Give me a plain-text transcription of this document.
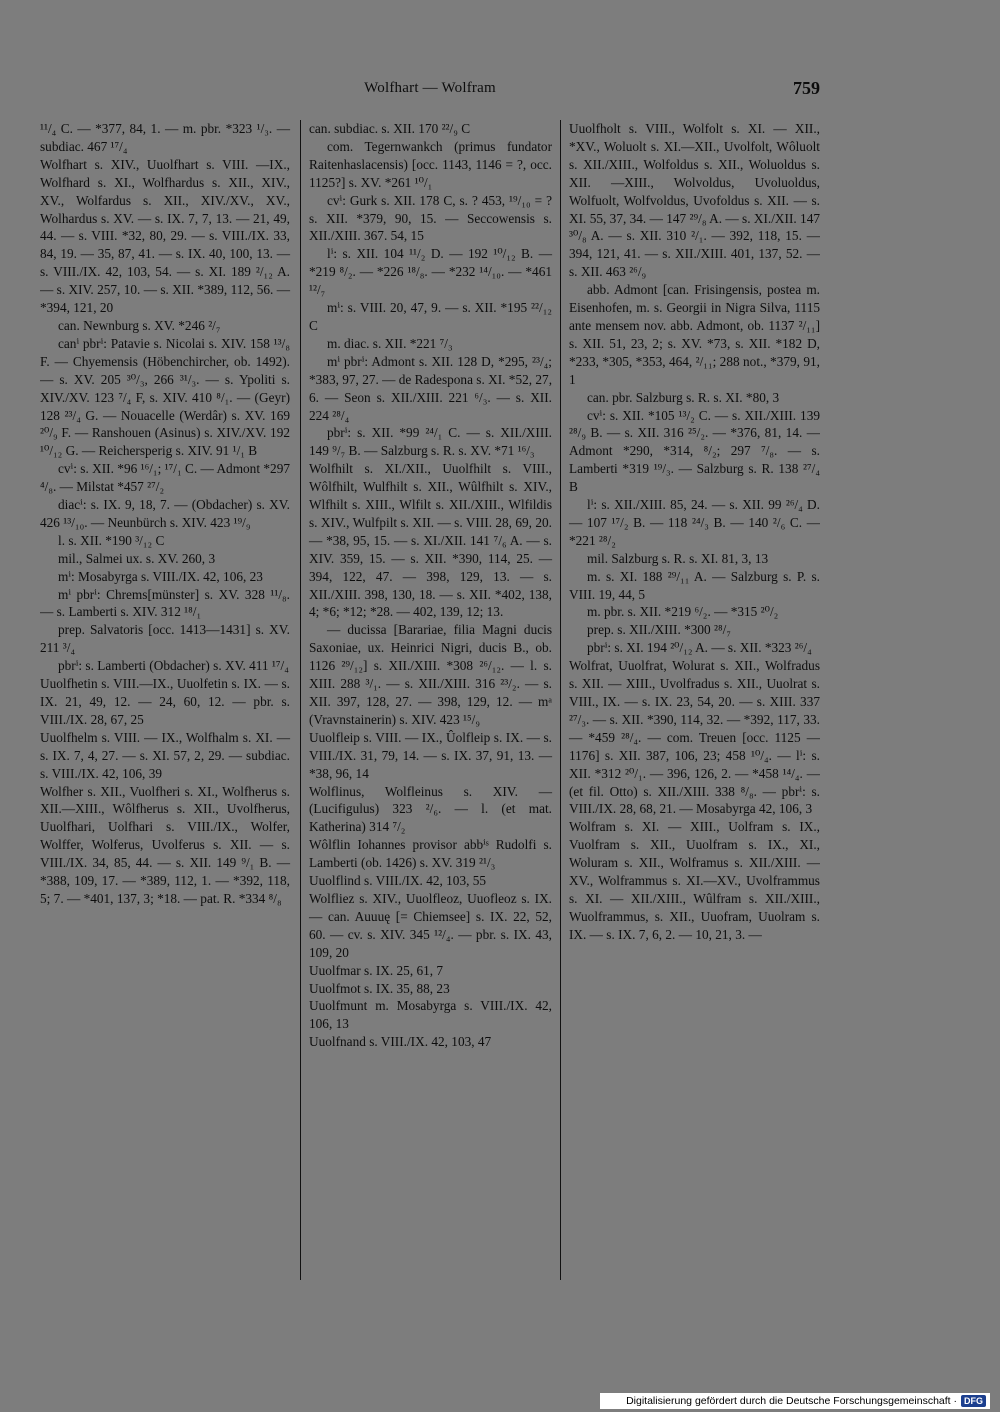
Wolfhart — Wolfram	759

¹¹/₄ C. — *377, 84, 1. — m. pbr. *323 ¹/₃. — subdiac. 467 ¹⁷/₄

Wolfhart s. XIV., Uuolfhart s. VIII. —IX., Wolfhard s. XI., Wolfhardus s. XII., XIV., XV., Wolfardus s. XII., XIV./XV., XV., Wolhardus s. XV. — s. IX. 7, 7, 13. — 21, 49, 44. — s. VIII. *32, 80, 29. — s. VIII./IX. 33, 84, 19. — 35, 87, 41. — s. IX. 40, 100, 13. — s. VIII./IX. 42, 103, 54. — s. XI. 189 ²/₁₂ A. — s. XIV. 257, 10. — s. XII. *389, 112, 56. — *394, 121, 20

can. Newnburg s. XV. *246 ²/₇

canⁱ pbrⁱ: Patavie s. Nicolai s. XIV. 158 ¹³/₈ F. — Chyemensis (Höbenchircher, ob. 1492). — s. XV. 205 ³⁰/₃, 266 ³¹/₃. — s. Ypoliti s. XIV./XV. 123 ⁷/₄ F, s. XIV. 410 ⁸/₁. — (Geyr) 128 ²³/₄ G. — Nouacelle (Werdâr) s. XV. 169 ²⁰/₉ F. — Ranshouen (Asinus) s. XIV./XV. 192 ¹⁰/₁₂ G. — Reichersperig s. XIV. 91 ¹/₁ B

cvⁱ: s. XII. *96 ¹⁶/₁; ¹⁷/₁ C. — Admont *297 ⁴/₈. — Milstat *457 ²⁷/₂

diacⁱ: s. IX. 9, 18, 7. — (Obdacher) s. XV. 426 ¹³/₁₀. — Neunbürch s. XIV. 423 ¹⁹/₉

l. s. XII. *190 ³/₁₂ C

mil., Salmei ux. s. XV. 260, 3

mⁱ: Mosabyrga s. VIII./IX. 42, 106, 23

mⁱ pbrⁱ: Chrems[münster] s. XV. 328 ¹¹/₈. — s. Lamberti s. XIV. 312 ¹⁸/₁

prep. Salvatoris [occ. 1413—1431] s. XV. 211 ³/₄

pbrⁱ: s. Lamberti (Obdacher) s. XV. 411 ¹⁷/₄

Uuolfhetin s. VIII.—IX., Uuolfetin s. IX. — s. IX. 21, 49, 12. — 24, 60, 12. — pbr. s. VIII./IX. 28, 67, 25

Uuolfhelm s. VIII. — IX., Wolfhalm s. XI. — s. IX. 7, 4, 27. — s. XI. 57, 2, 29. — subdiac. s. VIII./IX. 42, 106, 39

Wolfher s. XII., Vuolfheri s. XI., Wolfherus s. XII.—XIII., Wôlfherus s. XII., Uvolfherus, Uuolfhari, Uolfhari s. VIII./IX., Wolfer, Wolffer, Wolferus, Uvolferus s. XII. — s. VIII./IX. 34, 85, 44. — s. XII. 149 ⁹/₁ B. — *388, 109, 17. — *389, 112, 1. — *392, 118, 5; 7. — *401, 137, 3; *18. — pat. R. *334 ⁸/₈

can. subdiac. s. XII. 170 ²²/₉ C

com. Tegernwankch (primus fundator Raitenhaslacensis) [occ. 1143, 1146 = ?, occ. 1125?] s. XV. *261 ¹⁰/₁

cvⁱ: Gurk s. XII. 178 C, s. ? 453, ¹⁹/₁₀ = ? s. XII. *379, 90, 15. — Seccowensis s. XII./XIII. 367. 54, 15

lⁱ: s. XII. 104 ¹¹/₂ D. — 192 ¹⁰/₁₂ B. — *219 ⁸/₂. — *226 ¹⁸/₈. — *232 ¹⁴/₁₀. — *461 ¹²/₇

mⁱ: s. VIII. 20, 47, 9. — s. XII. *195 ²²/₁₂ C

m. diac. s. XII. *221 ⁷/₃

mⁱ pbrⁱ: Admont s. XII. 128 D, *295, ²³/₄; *383, 97, 27. — de Radespona s. XI. *52, 27, 6. — Seon s. XII./XIII. 221 ⁶/₃. — s. XII. 224 ²⁸/₄

pbrⁱ: s. XII. *99 ²⁴/₁ C. — s. XII./XIII. 149 ⁹/₇ B. — Salzburg s. R. s. XV. *71 ¹⁶/₃

Wolfhilt s. XI./XII., Uuolfhilt s. VIII., Wôlfhilt, Wulfhilt s. XII., Wûlfhilt s. XIV., Wlfhilt s. XIII., Wlfilt s. XII./XIII., Wlfildis s. XIV., Wulfpilt s. XII. — s. VIII. 28, 69, 20. — *38, 95, 15. — s. XI./XII. 141 ⁷/₆ A. — s. XIV. 359, 15. — s. XII. *390, 114, 25. — 394, 122, 47. — 398, 129, 13. — s. XII./XIII. 398, 130, 18. — s. XII. *402, 138, 4; *6; *12; *28. — 402, 139, 12; 13.

— ducissa [Barariae, filia Magni ducis Saxoniae, ux. Heinrici Nigri, ducis B., ob. 1126 ²⁹/₁₂] s. XII./XIII. *308 ²⁶/₁₂. — l. s. XIII. 288 ³/₁. — s. XII./XIII. 316 ²³/₂. — s. XII. 397, 128, 27. — 398, 129, 12. — mᵃ (Vravnstainerin) s. XIV. 423 ¹⁵/₉

Uuolfleip s. VIII. — IX., Ûolfleip s. IX. — s. VIII./IX. 31, 79, 14. — s. IX. 37, 91, 13. — *38, 96, 14

Wolflinus, Wolfleinus s. XIV. — (Lucifigulus) 323 ²/₆. — l. (et mat. Katherina) 314 ⁷/₂

Wôlflin Iohannes provisor abbⁱˢ Rudolfi s. Lamberti (ob. 1426) s. XV. 319 ²¹/₃

Uuolflind s. VIII./IX. 42, 103, 55

Wolfliez s. XIV., Uuolfleoz, Uuofleoz s. IX. — can. Auuuę [= Chiemsee] s. IX. 22, 52, 60. — cv. s. XIV. 345 ¹²/₄. — pbr. s. IX. 43, 109, 20

Uuolfmar s. IX. 25, 61, 7

Uuolfmot s. IX. 35, 88, 23

Uuolfmunt m. Mosabyrga s. VIII./IX. 42, 106, 13

Uuolfnand s. VIII./IX. 42, 103, 47

Uuolfholt s. VIII., Wolfolt s. XI. — XII., *XV., Woluolt s. XI.—XII., Uvolfolt, Wôluolt s. XII./XIII., Wolfoldus s. XII., Woluoldus s. XII. —XIII., Wolvoldus, Uvoluoldus, Wolfuolt, Wolfvoldus, Uvofoldus s. XII. — s. XI. 55, 37, 34. — 147 ²⁹/₈ A. — s. XI./XII. 147 ³⁰/₈ A. — s. XII. 310 ²/₁. — 392, 118, 15. — 394, 121, 41. — s. XII./XIII. 401, 137, 52. — s. XII. 463 ²⁶/₉

abb. Admont [can. Frisingensis, postea m. Eisenhofen, m. s. Georgii in Nigra Silva, 1115 ante mensem nov. abb. Admont, ob. 1137 ²/₁₁] s. XII. 51, 23, 2; s. XV. *73, s. XII. *182 D, *233, *305, *353, 464, ²/₁₁; 288 not., *379, 91, 1

can. pbr. Salzburg s. R. s. XI. *80, 3

cvⁱ: s. XII. *105 ¹³/₂ C. — s. XII./XIII. 139 ²⁸/₉ B. — s. XII. 316 ²⁵/₂. — *376, 81, 14. — Admont *290, *314, ⁸/₂; 297 ⁷/₈. — s. Lamberti *319 ¹⁹/₃. — Salzburg s. R. 138 ²⁷/₄ B

lⁱ: s. XII./XIII. 85, 24. — s. XII. 99 ²⁶/₄ D. — 107 ¹⁷/₂ B. — 118 ²⁴/₃ B. — 140 ²/₆ C. — *221 ²⁸/₂

mil. Salzburg s. R. s. XI. 81, 3, 13

m. s. XI. 188 ²⁹/₁₁ A. — Salzburg s. P. s. VIII. 19, 44, 5

m. pbr. s. XII. *219 ⁶/₂. — *315 ²⁰/₂

prep. s. XII./XIII. *300 ²⁸/₇

pbrⁱ: s. XI. 194 ²⁰/₁₂ A. — s. XII. *323 ²⁶/₄

Wolfrat, Uuolfrat, Wolurat s. XII., Wolfradus s. XII. — XIII., Uvolfradus s. XII., Uuolrat s. VIII., IX. — s. IX. 23, 54, 20. — s. XIII. 337 ²⁷/₃. — s. XII. *390, 114, 32. — *392, 117, 33. — *459 ²⁸/₄. — com. Treuen [occ. 1125 — 1176] s. XII. 387, 106, 23; 458 ¹⁰/₄. — lⁱ: s. XII. *312 ²⁰/₁. — 396, 126, 2. — *458 ¹⁴/₄. — (et fil. Otto) s. XII./XIII. 338 ⁸/₈. — pbrⁱ: s. VIII./IX. 28, 68, 21. — Mosabyrga 42, 106, 3

Wolfram s. XI. — XIII., Uolfram s. IX., Vuolfram s. XII., Uuolfram s. IX., XI., Woluram s. XII., Wolframus s. XII./XIII. — XV., Wolframmus s. XI.—XV., Uvolframmus s. XI. — XII./XIII., Wûlfram s. XII./XIII., Wuolframmus, s. XII., Uuofram, Uuolram s. IX. — s. IX. 7, 6, 2. — 10, 21, 3. —

Digitalisierung gefördert durch die Deutsche Forschungsgemeinschaft · DFG
